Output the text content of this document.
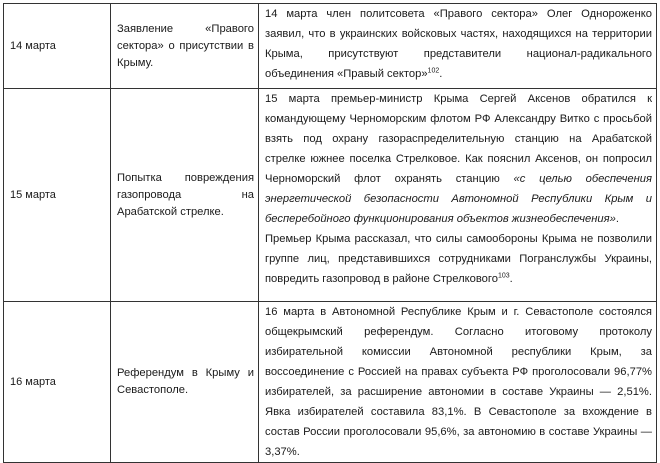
14 марта	Заявление «Правого сектора» о присутствии в Крыму.	14 марта член политсовета «Правого сектора» Олег Однороженко заявил, что в украинских войсковых частях, находящихся на территории Крыма, присутствуют представители национал-радикального объединения «Правый сектор»$^{102}$.
15 марта	Попытка повреждения газопровода на Арабатской стрелке.	15 марта премьер-министр Крыма Сергей Аксенов обратился к командующему Черноморским флотом РФ Александру Витко с просьбой взять под охрану газораспределительную станцию на Арабатской стрелке южнее поселка Стрелковое. Как пояснил Аксенов, он попросил Черноморский флот охранять станцию «с целью обеспечения энергетической безопасности Автономной Республики Крым и бесперебойного функционирования объектов жизнеобеспечения».

Премьер Крыма рассказал, что силы самообороны Крыма не позволили группе лиц, представившихся сотрудниками Погранслужбы Украины, повредить газопровод в районе Стрелкового$^{103}$.

16 марта	Референдум в Крыму и Севастополе.	16 марта в Автономной Республике Крым и г. Севастополе состоялся общекрымский референдум. Согласно итоговому протоколу избирательной комиссии Автономной республики Крым, за воссоединение с Россией на правах субъекта РФ проголосовали 96,77% избирателей, за расширение автономии в составе Украины — 2,51%. Явка избирателей составила 83,1%. В Севастополе за вхождение в состав России проголосовали 95,6%, за автономию в составе Украины — 3,37%.
